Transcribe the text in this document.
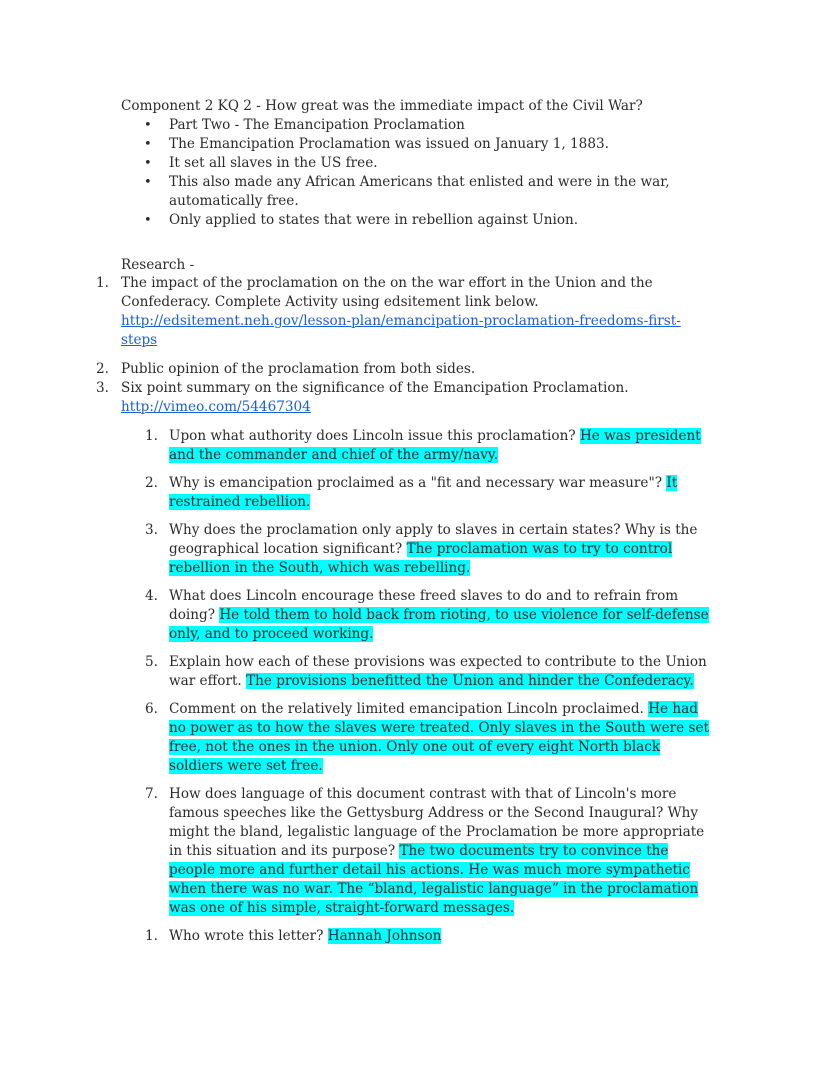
Component 2 KQ 2 - How great was the immediate impact of the Civil War?
• Part Two - The Emancipation Proclamation
• The Emancipation Proclamation was issued on January 1, 1883.
• It set all slaves in the US free.
• This also made any African Americans that enlisted and were in the war, automatically free.
• Only applied to states that were in rebellion against Union.
Research -
1. The impact of the proclamation on the on the war effort in the Union and the Confederacy. Complete Activity using edsitement link below.
http://edsitement.neh.gov/lesson-plan/emancipation-proclamation-freedoms-first-steps
2. Public opinion of the proclamation from both sides.
3. Six point summary on the significance of the Emancipation Proclamation.
http://vimeo.com/54467304
1. Upon what authority does Lincoln issue this proclamation? He was president and the commander and chief of the army/navy.
2. Why is emancipation proclaimed as a "fit and necessary war measure"? It restrained rebellion.
3. Why does the proclamation only apply to slaves in certain states? Why is the geographical location significant? The proclamation was to try to control rebellion in the South, which was rebelling.
4. What does Lincoln encourage these freed slaves to do and to refrain from doing? He told them to hold back from rioting, to use violence for self-defense only, and to proceed working.
5. Explain how each of these provisions was expected to contribute to the Union war effort. The provisions benefitted the Union and hinder the Confederacy.
6. Comment on the relatively limited emancipation Lincoln proclaimed. He had no power as to how the slaves were treated. Only slaves in the South were set free, not the ones in the union. Only one out of every eight North black soldiers were set free.
7. How does language of this document contrast with that of Lincoln's more famous speeches like the Gettysburg Address or the Second Inaugural? Why might the bland, legalistic language of the Proclamation be more appropriate in this situation and its purpose? The two documents try to convince the people more and further detail his actions. He was much more sympathetic when there was no war. The “bland, legalistic language” in the proclamation was one of his simple, straight-forward messages.
1. Who wrote this letter? Hannah Johnson
